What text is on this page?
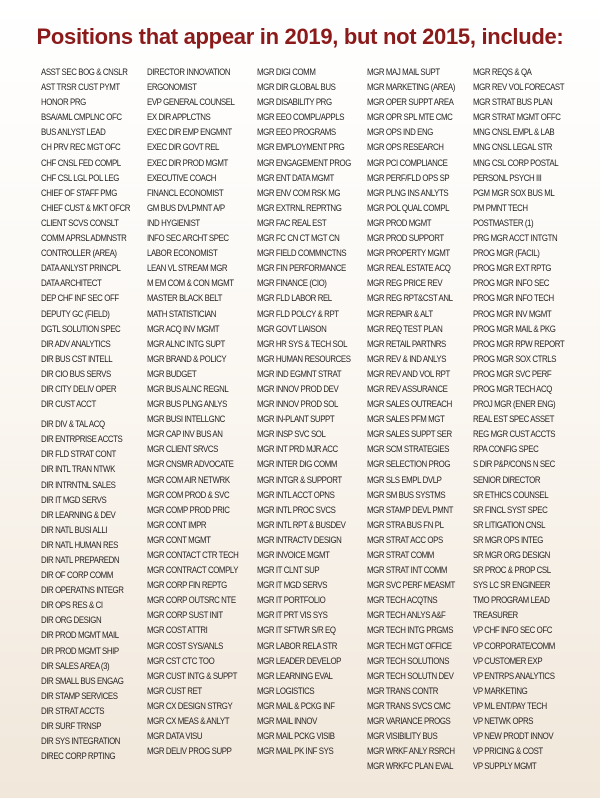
Positions that appear in 2019, but not 2015, include:
ASST SEC BOG & CNSLR
AST TRSR CUST PYMT
HONOR PRG
BSA/AML CMPLNC OFC
BUS ANLYST LEAD
CH PRV REC MGT OFC
CHF CNSL FED COMPL
CHF CSL LGL POL LEG
CHIEF OF STAFF PMG
CHIEF CUST & MKT OFCR
CLIENT SCVS CONSLT
COMM APRSL ADMNSTR
CONTROLLER (AREA)
DATA ANLYST PRINCPL
DATA ARCHITECT
DEP CHF INF SEC OFF
DEPUTY GC (FIELD)
DGTL SOLUTION SPEC
DIR ADV ANALYTICS
DIR BUS CST INTELL
DIR CIO BUS SERVS
DIR CITY DELIV OPER
DIR CUST ACCT
DIR DIV & TAL ACQ
DIR ENTRPRISE ACCTS
DIR FLD STRAT CONT
DIR INTL TRAN NTWK
DIR INTRNTNL SALES
DIR IT MGD SERVS
DIR LEARNING & DEV
DIR NATL BUSI ALLI
DIR NATL HUMAN RES
DIR NATL PREPAREDN
DIR OF CORP COMM
DIR OPERATNS INTEGR
DIR OPS RES & CI
DIR ORG DESIGN
DIR PROD MGMT MAIL
DIR PROD MGMT SHIP
DIR SALES AREA (3)
DIR SMALL BUS ENGAG
DIR STAMP SERVICES
DIR STRAT ACCTS
DIR SURF TRNSP
DIR SYS INTEGRATION
DIREC CORP RPTING
DIRECTOR INNOVATION
ERGONOMIST
EVP GENERAL COUNSEL
EX DIR APPLCTNS
EXEC DIR EMP ENGMNT
EXEC DIR GOVT REL
EXEC DIR PROD MGMT
EXECUTIVE COACH
FINANCL ECONOMIST
GM BUS DVLPMNT A/P
IND HYGIENIST
INFO SEC ARCHT SPEC
LABOR ECONOMIST
LEAN VL STREAM MGR
M EM COM & CON MGMT
MASTER BLACK BELT
MATH STATISTICIAN
MGR ACQ INV MGMT
MGR ALNC INTG SUPT
MGR BRAND & POLICY
MGR BUDGET
MGR BUS ALNC REGNL
MGR BUS PLNG ANLYS
MGR BUSI INTELLGNC
MGR CAP INV BUS AN
MGR CLIENT SRVCS
MGR CNSMR ADVOCATE
MGR COM AIR NETWRK
MGR COM PROD & SVC
MGR COMP PROD PRIC
MGR CONT IMPR
MGR CONT MGMT
MGR CONTACT CTR TECH
MGR CONTRACT COMPLY
MGR CORP FIN REPTG
MGR CORP OUTSRC NTE
MGR CORP SUST INIT
MGR COST ATTRI
MGR COST SYS/ANLS
MGR CST CTC TOO
MGR CUST INTG & SUPPT
MGR CUST RET
MGR CX DESIGN STRGY
MGR CX MEAS & ANLYT
MGR DATA VISU
MGR DELIV PROG SUPP
MGR DIGI COMM
MGR DIR GLOBAL BUS
MGR DISABILITY PRG
MGR EEO COMPL/APPLS
MGR EEO PROGRAMS
MGR EMPLOYMENT PRG
MGR ENGAGEMENT PROG
MGR ENT DATA MGMT
MGR ENV COM RSK MG
MGR EXTRNL REPRTNG
MGR FAC REAL EST
MGR FC CN CT MGT CN
MGR FIELD COMMNCTNS
MGR FIN PERFORMANCE
MGR FINANCE (CIO)
MGR FLD LABOR REL
MGR FLD POLCY & RPT
MGR GOVT LIAISON
MGR HR SYS & TECH SOL
MGR HUMAN RESOURCES
MGR IND EGMNT STRAT
MGR INNOV PROD DEV
MGR INNOV PROD SOL
MGR IN-PLANT SUPPT
MGR INSP SVC SOL
MGR INT PRD MJR ACC
MGR INTER DIG COMM
MGR INTGR & SUPPORT
MGR INTL ACCT OPNS
MGR INTL PROC SVCS
MGR INTL RPT & BUSDEV
MGR INTRACTV DESIGN
MGR INVOICE MGMT
MGR IT CLNT SUP
MGR IT MGD SERVS
MGR IT PORTFOLIO
MGR IT PRT VIS SYS
MGR IT SFTWR S/R EQ
MGR LABOR RELA STR
MGR LEADER DEVELOP
MGR LEARNING EVAL
MGR LOGISTICS
MGR MAIL & PCKG INF
MGR MAIL INNOV
MGR MAIL PCKG VISIB
MGR MAIL PK INF SYS
MGR MAJ MAIL SUPT
MGR MARKETING (AREA)
MGR OPER SUPPT AREA
MGR OPR SPL MTE CMC
MGR OPS IND ENG
MGR OPS RESEARCH
MGR PCI COMPLIANCE
MGR PERF/FLD OPS SP
MGR PLNG INS ANLYTS
MGR POL QUAL COMPL
MGR PROD MGMT
MGR PROD SUPPORT
MGR PROPERTY MGMT
MGR REAL ESTATE ACQ
MGR REG PRICE REV
MGR REG RPT&CST ANL
MGR REPAIR & ALT
MGR REQ TEST PLAN
MGR RETAIL PARTNRS
MGR REV & IND ANLYS
MGR REV AND VOL RPT
MGR REV ASSURANCE
MGR SALES OUTREACH
MGR SALES PFM MGT
MGR SALES SUPPT SER
MGR SCM STRATEGIES
MGR SELECTION PROG
MGR SLS EMPL DVLP
MGR SM BUS SYSTMS
MGR STAMP DEVL PMNT
MGR STRA BUS FN PL
MGR STRAT ACC OPS
MGR STRAT COMM
MGR STRAT INT COMM
MGR SVC PERF MEASMT
MGR TECH ACQTNS
MGR TECH ANLYS A&F
MGR TECH INTG PRGMS
MGR TECH MGT OFFICE
MGR TECH SOLUTIONS
MGR TECH SOLUTN DEV
MGR TRANS CONTR
MGR TRANS SVCS CMC
MGR VARIANCE PROGS
MGR VISIBILITY BUS
MGR WRKF ANLY RSRCH
MGR WRKFC PLAN EVAL
MGR REQS & QA
MGR REV VOL FORECAST
MGR STRAT BUS PLAN
MGR STRAT MGMT OFFC
MNG CNSL EMPL & LAB
MNG CNSL LEGAL STR
MNG CSL CORP POSTAL
PERSONL PSYCH III
PGM MGR SOX BUS ML
PM PMNT TECH
POSTMASTER (1)
PRG MGR ACCT INTGTN
PROG MGR (FACIL)
PROG MGR EXT RPTG
PROG MGR INFO SEC
PROG MGR INFO TECH
PROG MGR INV MGMT
PROG MGR MAIL & PKG
PROG MGR RPW REPORT
PROG MGR SOX CTRLS
PROG MGR SVC PERF
PROG MGR TECH ACQ
PROJ MGR (ENER ENG)
REAL EST SPEC ASSET
REG MGR CUST ACCTS
RPA CONFIG SPEC
S DIR P&P/CONS N SEC
SENIOR DIRECTOR
SR ETHICS COUNSEL
SR FINCL SYST SPEC
SR LITIGATION CNSL
SR MGR OPS INTEG
SR MGR ORG DESIGN
SR PROC & PROP CSL
SYS LC SR ENGINEER
TMO PROGRAM LEAD
TREASURER
VP CHF INFO SEC OFC
VP CORPORATE/COMM
VP CUSTOMER EXP
VP ENTRPS ANALYTICS
VP MARKETING
VP ML ENT/PAY TECH
VP NETWK OPRS
VP NEW PRODT INNOV
VP PRICING & COST
VP SUPPLY MGMT
